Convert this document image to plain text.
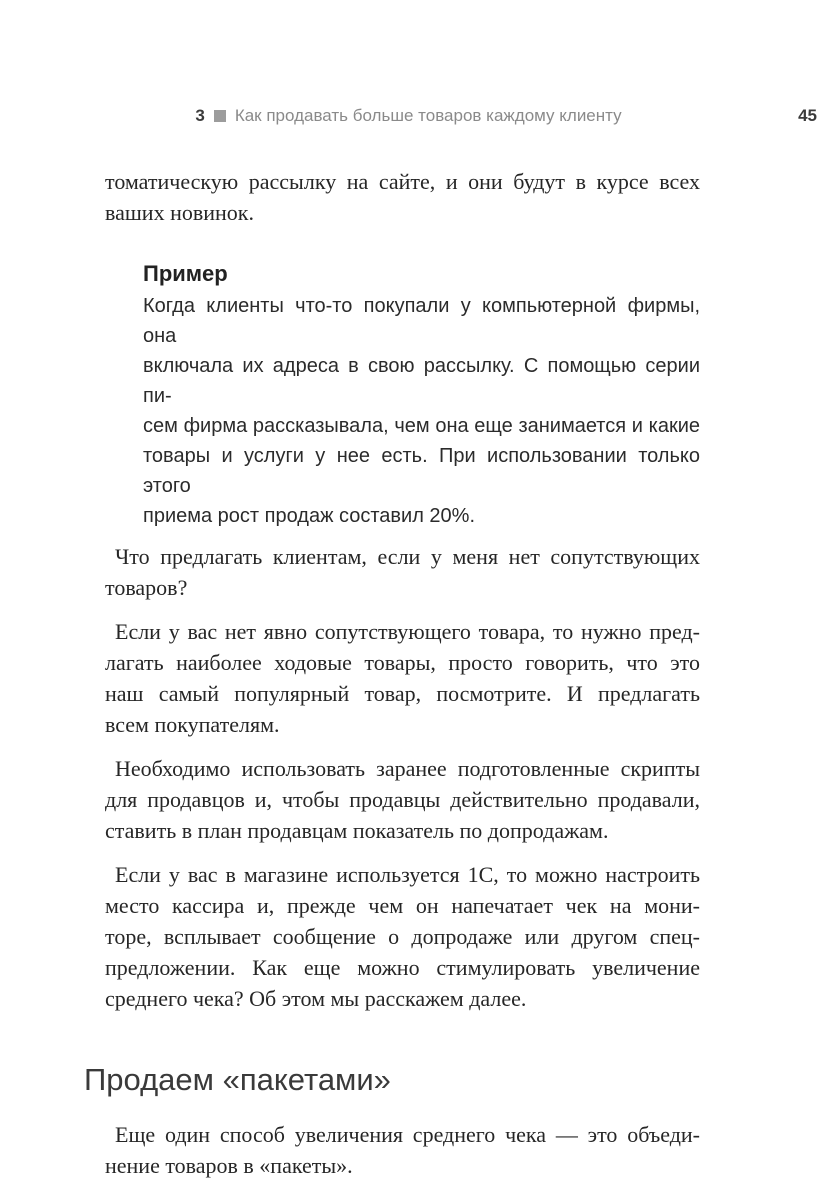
3 Как продавать больше товаров каждому клиенту	45
томатическую рассылку на сайте, и они будут в курсе всех
ваших новинок.
Пример
Когда клиенты что-то покупали у компьютерной фирмы, она
включала их адреса в свою рассылку. С помощью серии пи-
сем фирма рассказывала, чем она еще занимается и какие
товары и услуги у нее есть. При использовании только этого
приема рост продаж составил 20%.
Что предлагать клиентам, если у меня нет сопутствующих
товаров?
Если у вас нет явно сопутствующего товара, то нужно пред-
лагать наиболее ходовые товары, просто говорить, что это
наш самый популярный товар, посмотрите. И предлагать
всем покупателям.
Необходимо использовать заранее подготовленные скрипты
для продавцов и, чтобы продавцы действительно продавали,
ставить в план продавцам показатель по допродажам.
Если у вас в магазине используется 1С, то можно настроить
место кассира и, прежде чем он напечатает чек на мони-
торе, всплывает сообщение о допродаже или другом спец-
предложении. Как еще можно стимулировать увеличение
среднего чека? Об этом мы расскажем далее.
Продаем «пакетами»
Еще один способ увеличения среднего чека — это объеди-
нение товаров в «пакеты».
